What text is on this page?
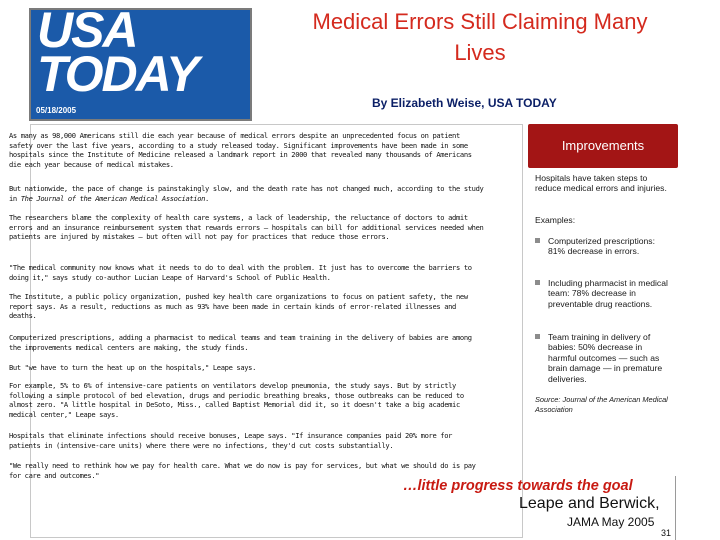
Medical Errors Still Claiming Many Lives
USA
TODAY
05/18/2005
By Elizabeth Weise, USA TODAY

As many as 98,000 Americans still die each year because of medical errors despite an unprecedented focus on patient safety over the last five years, according to a study released today. Significant improvements have been made in some hospitals since the Institute of Medicine released a landmark report in 2000 that revealed many thousands of Americans die each year because of medical mistakes.

But nationwide, the pace of change is painstakingly slow, and the death rate has not changed much, according to the study in The Journal of the American Medical Association.

The researchers blame the complexity of health care systems, a lack of leadership, the reluctance of doctors to admit errors and an insurance reimbursement system that rewards errors — hospitals can bill for additional services needed when patients are injured by mistakes — but often will not pay for practices that reduce those errors.

"The medical community now knows what it needs to do to deal with the problem. It just has to overcome the barriers to doing it," says study co-author Lucian Leape of Harvard's School of Public Health.

The Institute, a public policy organization, pushed key health care organizations to focus on patient safety, the new report says. As a result, reductions as much as 93% have been made in certain kinds of error-related illnesses and deaths.

Computerized prescriptions, adding a pharmacist to medical teams and team training in the delivery of babies are among the improvements medical centers are making, the study finds.

But "we have to turn the heat up on the hospitals," Leape says.

For example, 5% to 6% of intensive-care patients on ventilators develop pneumonia, the study says. But by strictly following a simple protocol of bed elevation, drugs and periodic breathing breaks, those outbreaks can be reduced to almost zero. "A little hospital in DeSoto, Miss., called Baptist Memorial did it, so it doesn't take a big academic medical center," Leape says.

Hospitals that eliminate infections should receive bonuses, Leape says. "If insurance companies paid 20% more for patients in (intensive-care units) where there were no infections, they'd cut costs substantially.

"We really need to rethink how we pay for health care. What we do now is pay for services, but what we should do is pay for care and outcomes."

Improvements

Hospitals have taken steps to reduce medical errors and injuries.

Examples:

Computerized prescriptions: 81% decrease in errors.

Including pharmacist in medical team: 78% decrease in preventable drug reactions.

Team training in delivery of babies: 50% decrease in harmful outcomes — such as brain damage — in premature deliveries.

Source: Journal of the American Medical Association
…little progress towards the goal
Leape and Berwick,
JAMA May 2005
31
